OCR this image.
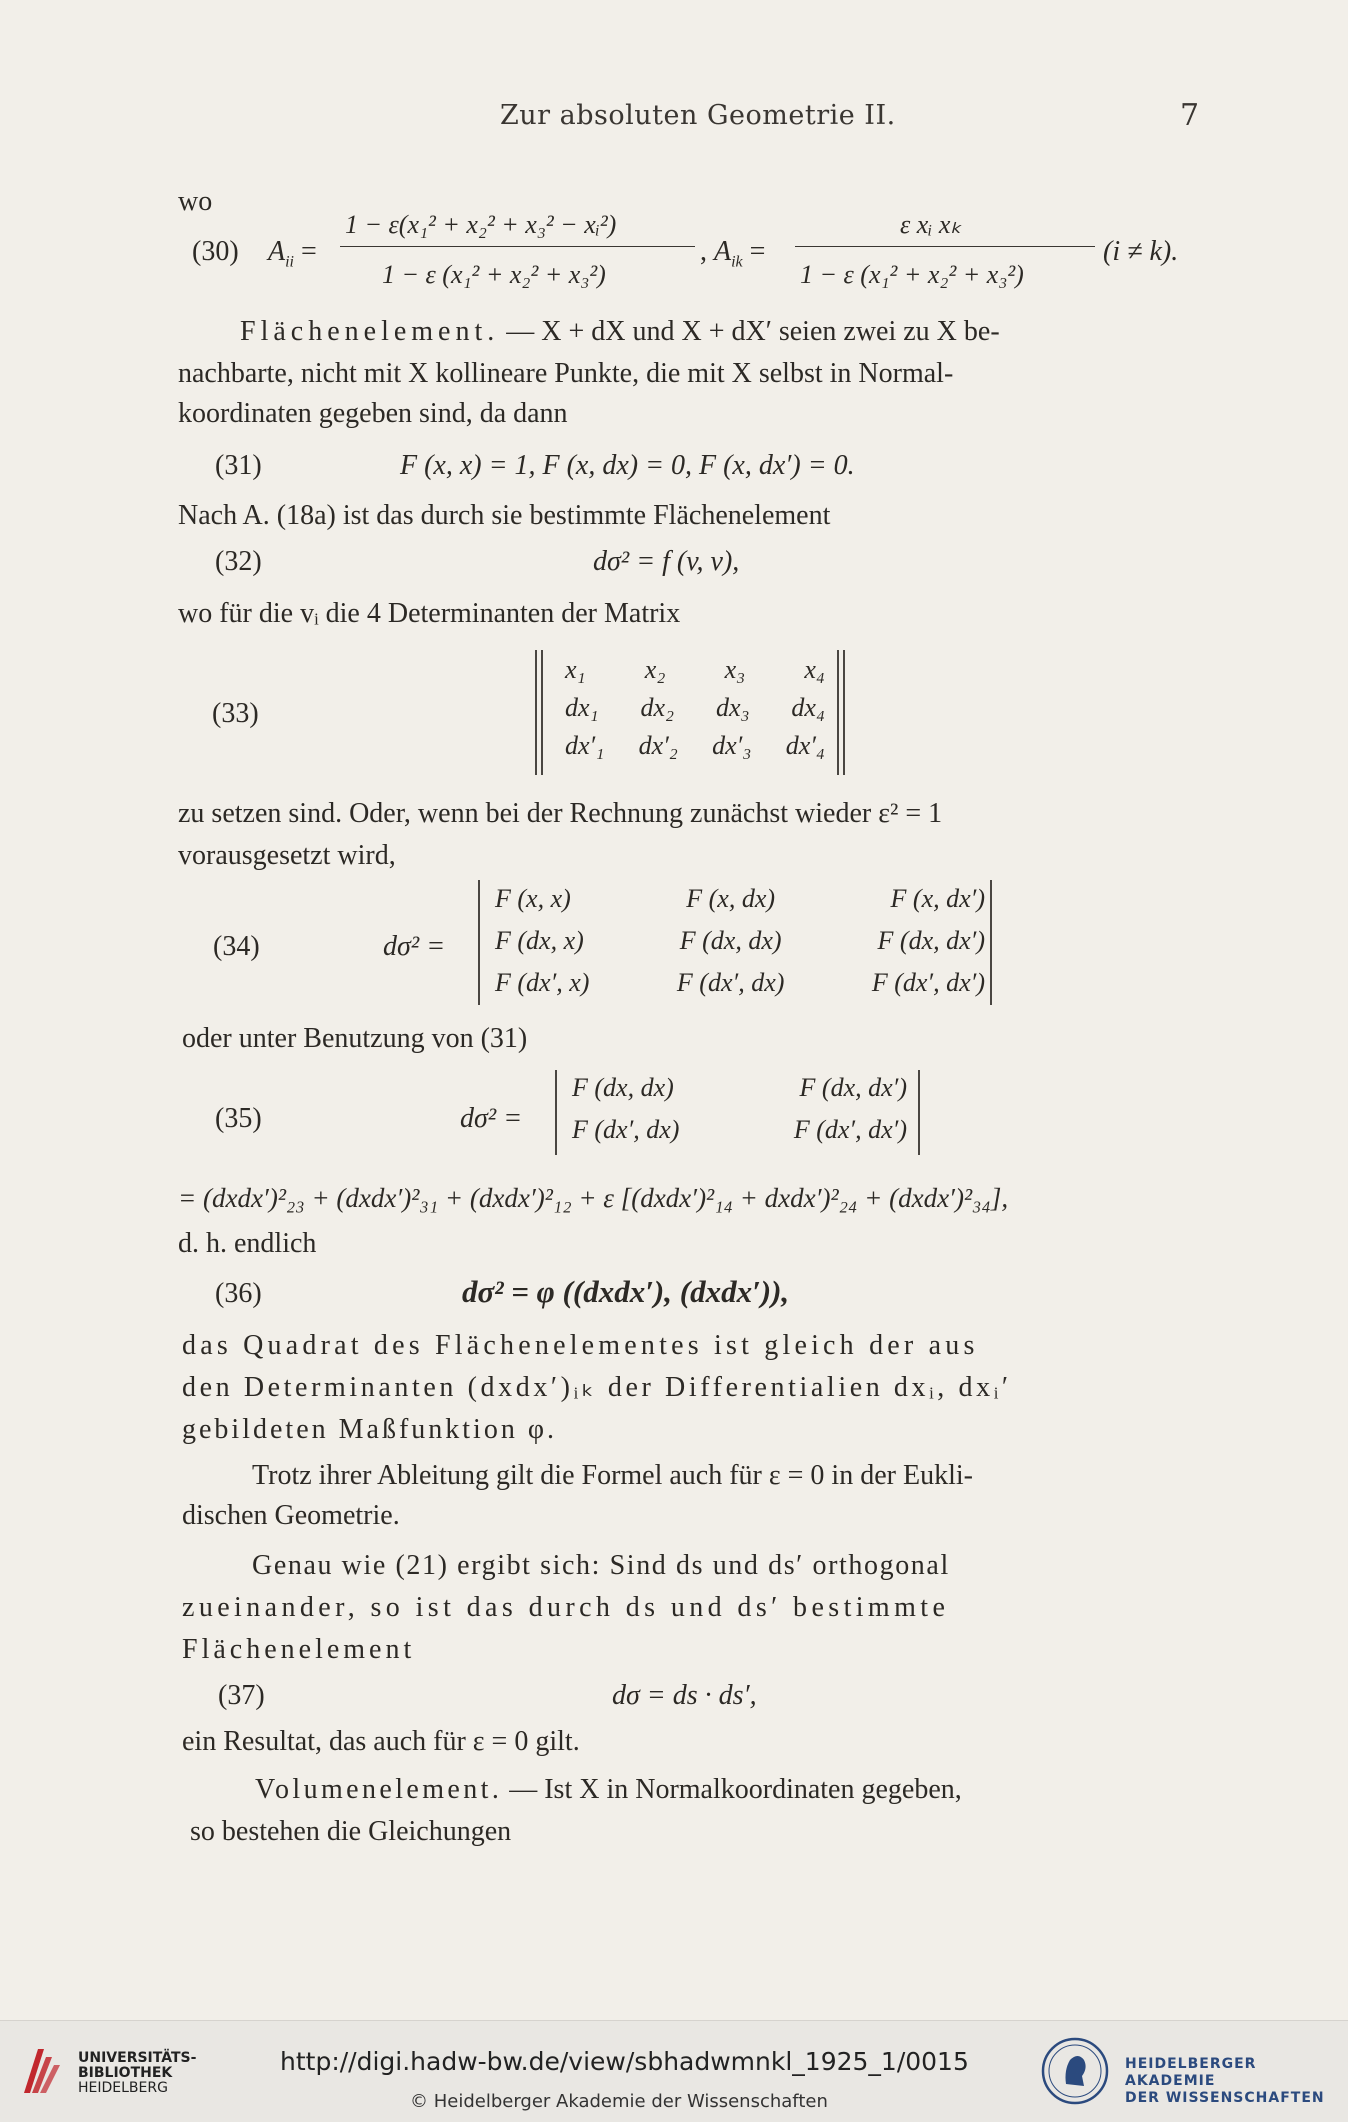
Zur absoluten Geometrie II.	7
wo
(30) $A_{ii}$ =
1 − ε(x₁² + x₂² + x₃² − xᵢ²)
1 − ε (x₁² + x₂² + x₃²)
, $A_{ik}$ =
ε xᵢ xₖ
1 − ε (x₁² + x₂² + x₃²)
(i ≠ k).
Flächenelement. — X + dX und X + dX′ seien zwei zu X be-
nachbarte, nicht mit X kollineare Punkte, die mit X selbst in Normal-
koordinaten gegeben sind, da dann
(31)	F (x, x) = 1, F (x, dx) = 0, F (x, dx′) = 0.
Nach A. (18a) ist das durch sie bestimmte Flächenelement
(32)	dσ² = f (v, v),
wo für die vᵢ die 4 Determinanten der Matrix
(33)
x₁ x₂ x₃ x₄
dx₁ dx₂ dx₃ dx₄
dx′₁ dx′₂ dx′₃ dx′₄
zu setzen sind. Oder, wenn bei der Rechnung zunächst wieder ε² = 1
vorausgesetzt wird,
(34)	dσ² =
F (x, x)	F (x, dx)	F (x, dx′)
F (dx, x)	F (dx, dx)	F (dx, dx′)
F (dx′, x)	F (dx′, dx)	F (dx′, dx′)
oder unter Benutzung von (31)
(35)	dσ² =
F (dx, dx)	F (dx, dx′)
F (dx′, dx)	F (dx′, dx′)
= (dxdx′)²₂₃ + (dxdx′)²₃₁ + (dxdx′)²₁₂ + ε [(dxdx′)²₁₄ + dxdx′)²₂₄ + (dxdx′)²₃₄],
d. h. endlich
(36)	dσ² = φ ((dxdx′), (dxdx′)),
das Quadrat des Flächenelementes ist gleich der aus
den Determinanten (dxdx′)ᵢₖ der Differentialien dxᵢ, dxᵢ′
gebildeten Maßfunktion φ.
Trotz ihrer Ableitung gilt die Formel auch für ε = 0 in der Eukli-
dischen Geometrie.
Genau wie (21) ergibt sich: Sind ds und ds′ orthogonal
zueinander, so ist das durch ds und ds′ bestimmte
Flächenelement
(37)	dσ = ds · ds′,
ein Resultat, das auch für ε = 0 gilt.
Volumenelement. — Ist X in Normalkoordinaten gegeben,
so bestehen die Gleichungen
UNIVERSITÄTS-
BIBLIOTHEK
HEIDELBERG
http://digi.hadw-bw.de/view/sbhadwmnkl_1925_1/0015
© Heidelberger Akademie der Wissenschaften
HEIDELBERGER AKADEMIE
DER WISSENSCHAFTEN
